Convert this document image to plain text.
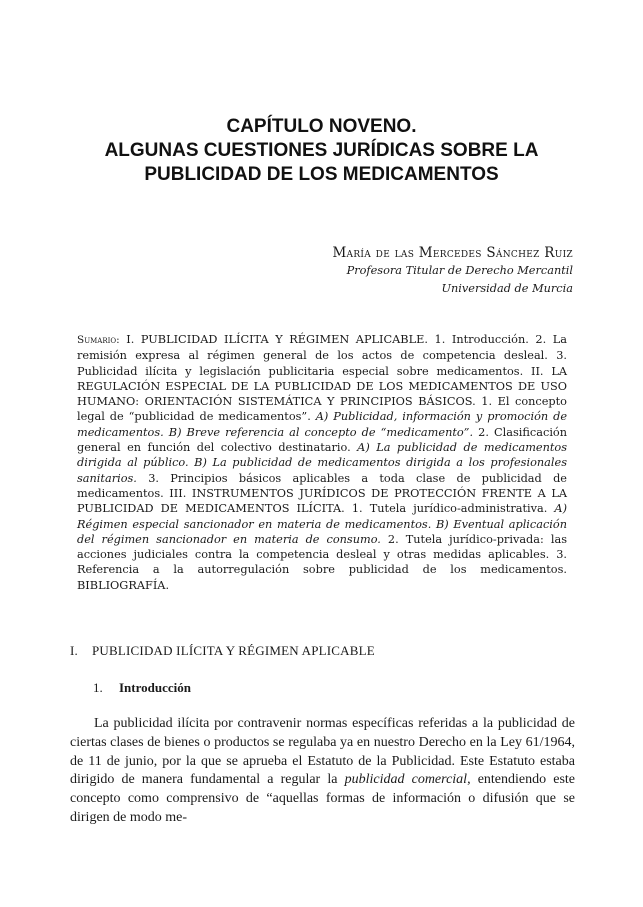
CAPÍTULO NOVENO.
ALGUNAS CUESTIONES JURÍDICAS SOBRE LA
PUBLICIDAD DE LOS MEDICAMENTOS
María de las Mercedes Sánchez Ruiz
Profesora Titular de Derecho Mercantil
Universidad de Murcia
Sumario: I. PUBLICIDAD ILÍCITA Y RÉGIMEN APLICABLE. 1. Introducción. 2. La remisión expresa al régimen general de los actos de competencia desleal. 3. Publicidad ilícita y legislación publicitaria especial sobre medicamentos. II. LA REGULACIÓN ESPECIAL DE LA PUBLICIDAD DE LOS MEDICAMENTOS DE USO HUMANO: ORIENTACIÓN SISTEMÁTICA Y PRINCIPIOS BÁSICOS. 1. El concepto legal de “publicidad de medicamentos”. A) Publicidad, información y promoción de medicamentos. B) Breve referencia al concepto de “medicamento”. 2. Clasificación general en función del colectivo destinatario. A) La publicidad de medicamentos dirigida al público. B) La publicidad de medicamentos dirigida a los profesionales sanitarios. 3. Principios básicos aplicables a toda clase de publicidad de medicamentos. III. INSTRUMENTOS JURÍDICOS DE PROTECCIÓN FRENTE A LA PUBLICIDAD DE MEDICAMENTOS ILÍCITA. 1. Tutela jurídico-administrativa. A) Régimen especial sancionador en materia de medicamentos. B) Eventual aplicación del régimen sancionador en materia de consumo. 2. Tutela jurídico-privada: las acciones judiciales contra la competencia desleal y otras medidas aplicables. 3. Referencia a la autorregulación sobre publicidad de los medicamentos. BIBLIOGRAFÍA.
I. PUBLICIDAD ILÍCITA Y RÉGIMEN APLICABLE
1. Introducción

La publicidad ilícita por contravenir normas específicas referidas a la publicidad de ciertas clases de bienes o productos se regulaba ya en nuestro Derecho en la Ley 61/1964, de 11 de junio, por la que se aprueba el Estatuto de la Publicidad. Este Estatuto estaba dirigido de manera fundamental a regular la publicidad comercial, entendiendo este concepto como comprensivo de “aquellas formas de información o difusión que se dirigen de modo me-
